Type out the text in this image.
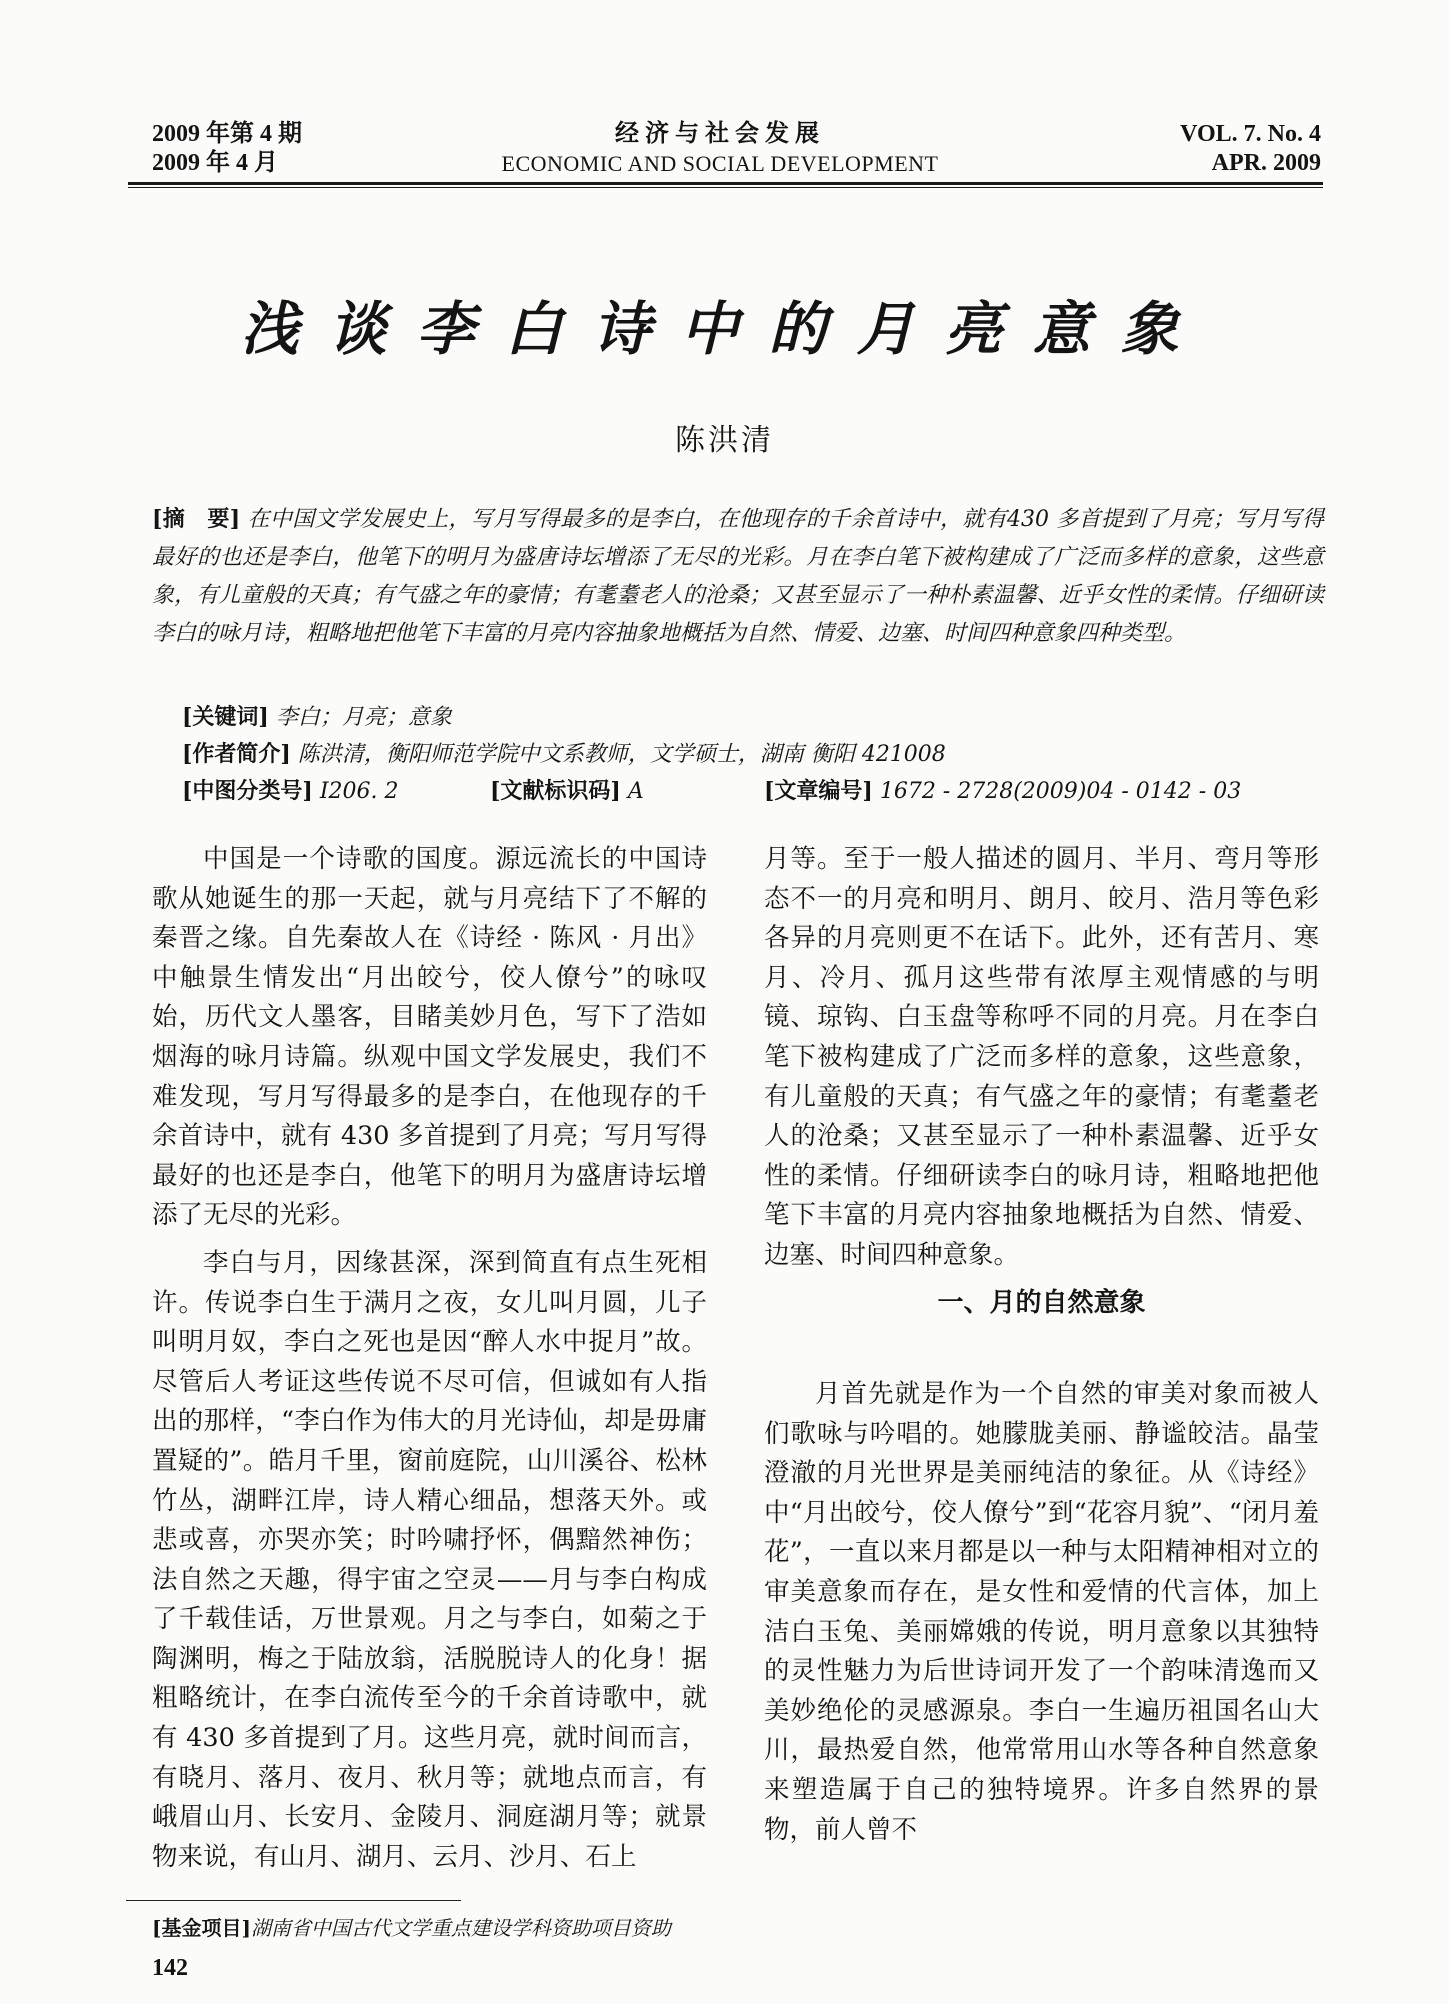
2009 年第 4 期
2009 年 4 月
经济与社会发展
ECONOMIC AND SOCIAL DEVELOPMENT
VOL. 7. No. 4
APR. 2009
浅谈李白诗中的月亮意象
陈洪清
[摘　要] 在中国文学发展史上，写月写得最多的是李白，在他现存的千余首诗中，就有430 多首提到了月亮；写月写得最好的也还是李白，他笔下的明月为盛唐诗坛增添了无尽的光彩。月在李白笔下被构建成了广泛而多样的意象，这些意象，有儿童般的天真；有气盛之年的豪情；有耄耋老人的沧桑；又甚至显示了一种朴素温馨、近乎女性的柔情。仔细研读李白的咏月诗，粗略地把他笔下丰富的月亮内容抽象地概括为自然、情爱、边塞、时间四种意象四种类型。
[关键词] 李白；月亮；意象
[作者简介] 陈洪清，衡阳师范学院中文系教师，文学硕士，湖南 衡阳 421008
[中图分类号] I206. 2	[文献标识码] A	[文章编号] 1672 - 2728(2009)04 - 0142 - 03

中国是一个诗歌的国度。源远流长的中国诗歌从她诞生的那一天起，就与月亮结下了不解的秦晋之缘。自先秦故人在《诗经 · 陈风 · 月出》中触景生情发出“月出皎兮，佼人僚兮”的咏叹始，历代文人墨客，目睹美妙月色，写下了浩如烟海的咏月诗篇。纵观中国文学发展史，我们不难发现，写月写得最多的是李白，在他现存的千余首诗中，就有 430 多首提到了月亮；写月写得最好的也还是李白，他笔下的明月为盛唐诗坛增添了无尽的光彩。

李白与月，因缘甚深，深到简直有点生死相许。传说李白生于满月之夜，女儿叫月圆，儿子叫明月奴，李白之死也是因“醉人水中捉月”故。尽管后人考证这些传说不尽可信，但诚如有人指出的那样，“李白作为伟大的月光诗仙，却是毋庸置疑的”。皓月千里，窗前庭院，山川溪谷、松林竹丛，湖畔江岸，诗人精心细品，想落天外。或悲或喜，亦哭亦笑；时吟啸抒怀，偶黯然神伤；法自然之天趣，得宇宙之空灵——月与李白构成了千载佳话，万世景观。月之与李白，如菊之于陶渊明，梅之于陆放翁，活脱脱诗人的化身！据粗略统计，在李白流传至今的千余首诗歌中，就有 430 多首提到了月。这些月亮，就时间而言，有晓月、落月、夜月、秋月等；就地点而言，有峨眉山月、长安月、金陵月、洞庭湖月等；就景物来说，有山月、湖月、云月、沙月、石上

月等。至于一般人描述的圆月、半月、弯月等形态不一的月亮和明月、朗月、皎月、浩月等色彩各异的月亮则更不在话下。此外，还有苦月、寒月、冷月、孤月这些带有浓厚主观情感的与明镜、琼钩、白玉盘等称呼不同的月亮。月在李白笔下被构建成了广泛而多样的意象，这些意象，有儿童般的天真；有气盛之年的豪情；有耄耋老人的沧桑；又甚至显示了一种朴素温馨、近乎女性的柔情。仔细研读李白的咏月诗，粗略地把他笔下丰富的月亮内容抽象地概括为自然、情爱、边塞、时间四种意象。

一、月的自然意象

月首先就是作为一个自然的审美对象而被人们歌咏与吟唱的。她朦胧美丽、静谧皎洁。晶莹澄澈的月光世界是美丽纯洁的象征。从《诗经》中“月出皎兮，佼人僚兮”到“花容月貌”、“闭月羞花”，一直以来月都是以一种与太阳精神相对立的审美意象而存在，是女性和爱情的代言体，加上洁白玉兔、美丽嫦娥的传说，明月意象以其独特的灵性魅力为后世诗词开发了一个韵味清逸而又美妙绝伦的灵感源泉。李白一生遍历祖国名山大川，最热爱自然，他常常用山水等各种自然意象来塑造属于自己的独特境界。许多自然界的景物，前人曾不

[基金项目]湖南省中国古代文学重点建设学科资助项目资助
142
